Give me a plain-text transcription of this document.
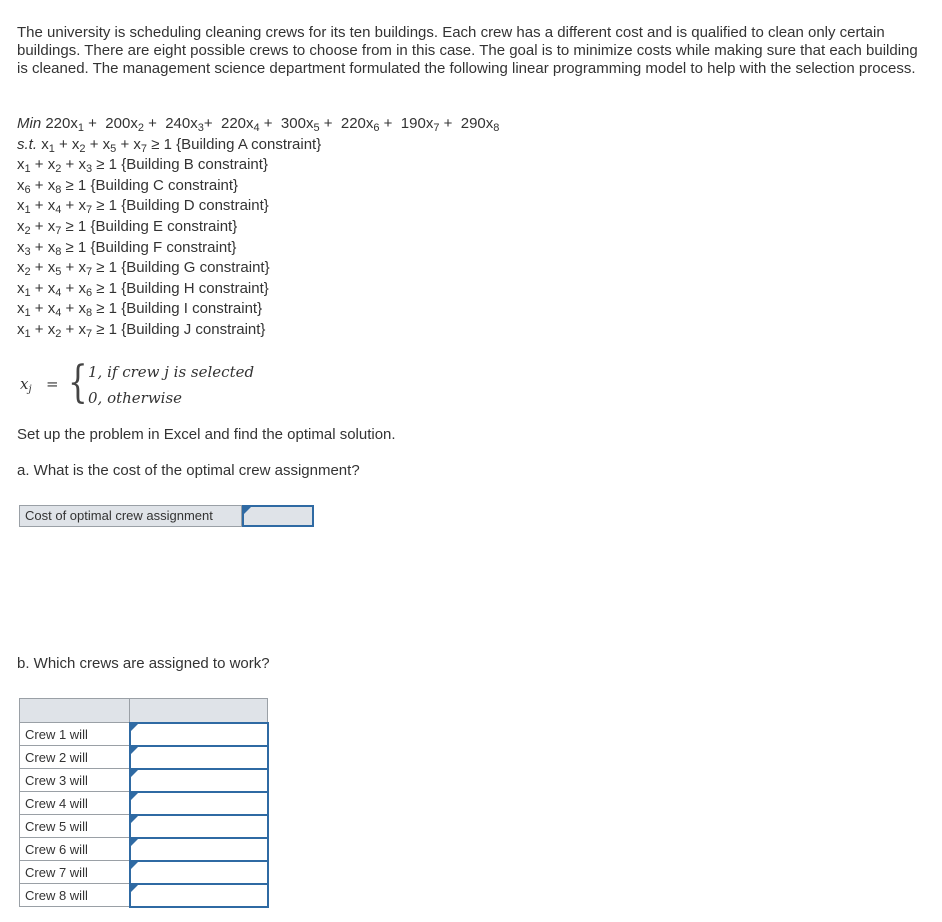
The university is scheduling cleaning crews for its ten buildings. Each crew has a different cost and is qualified to clean only certain buildings. There are eight possible crews to choose from in this case. The goal is to minimize costs while making sure that each building is cleaned. The management science department formulated the following linear programming model to help with the selection process.

Min $220x_1 + 200x_2 + 240x_3+ 220x_4 + 300x_5 + 220x_6 + 190x_7 + 290x_8$
s.t. $x_1 + x_2 + x_5 + x_7 \ge 1$ {Building A constraint}
$x_1 + x_2 + x_3 \ge 1$ {Building B constraint}
$x_6 + x_8 \ge 1$ {Building C constraint}
$x_1 + x_4 + x_7 \ge 1$ {Building D constraint}
$x_2 + x_7 \ge 1$ {Building E constraint}
$x_3 + x_8 \ge 1$ {Building F constraint}
$x_2 + x_5 + x_7 \ge 1$ {Building G constraint}
$x_1 + x_4 + x_6 \ge 1$ {Building H constraint}
$x_1 + x_4 + x_8 \ge 1$ {Building I constraint}
$x_1 + x_2 + x_7 \ge 1$ {Building J constraint}
$x_j$ = { 1, if crew j is selected
0, otherwise

Set up the problem in Excel and find the optimal solution.

a. What is the cost of the optimal crew assignment?

Cost of optimal crew assignment

b. Which crews are assigned to work?

Crew 1 will	

Crew 2 will	

Crew 3 will	

Crew 4 will	

Crew 5 will	

Crew 6 will	

Crew 7 will	

Crew 8 will	
